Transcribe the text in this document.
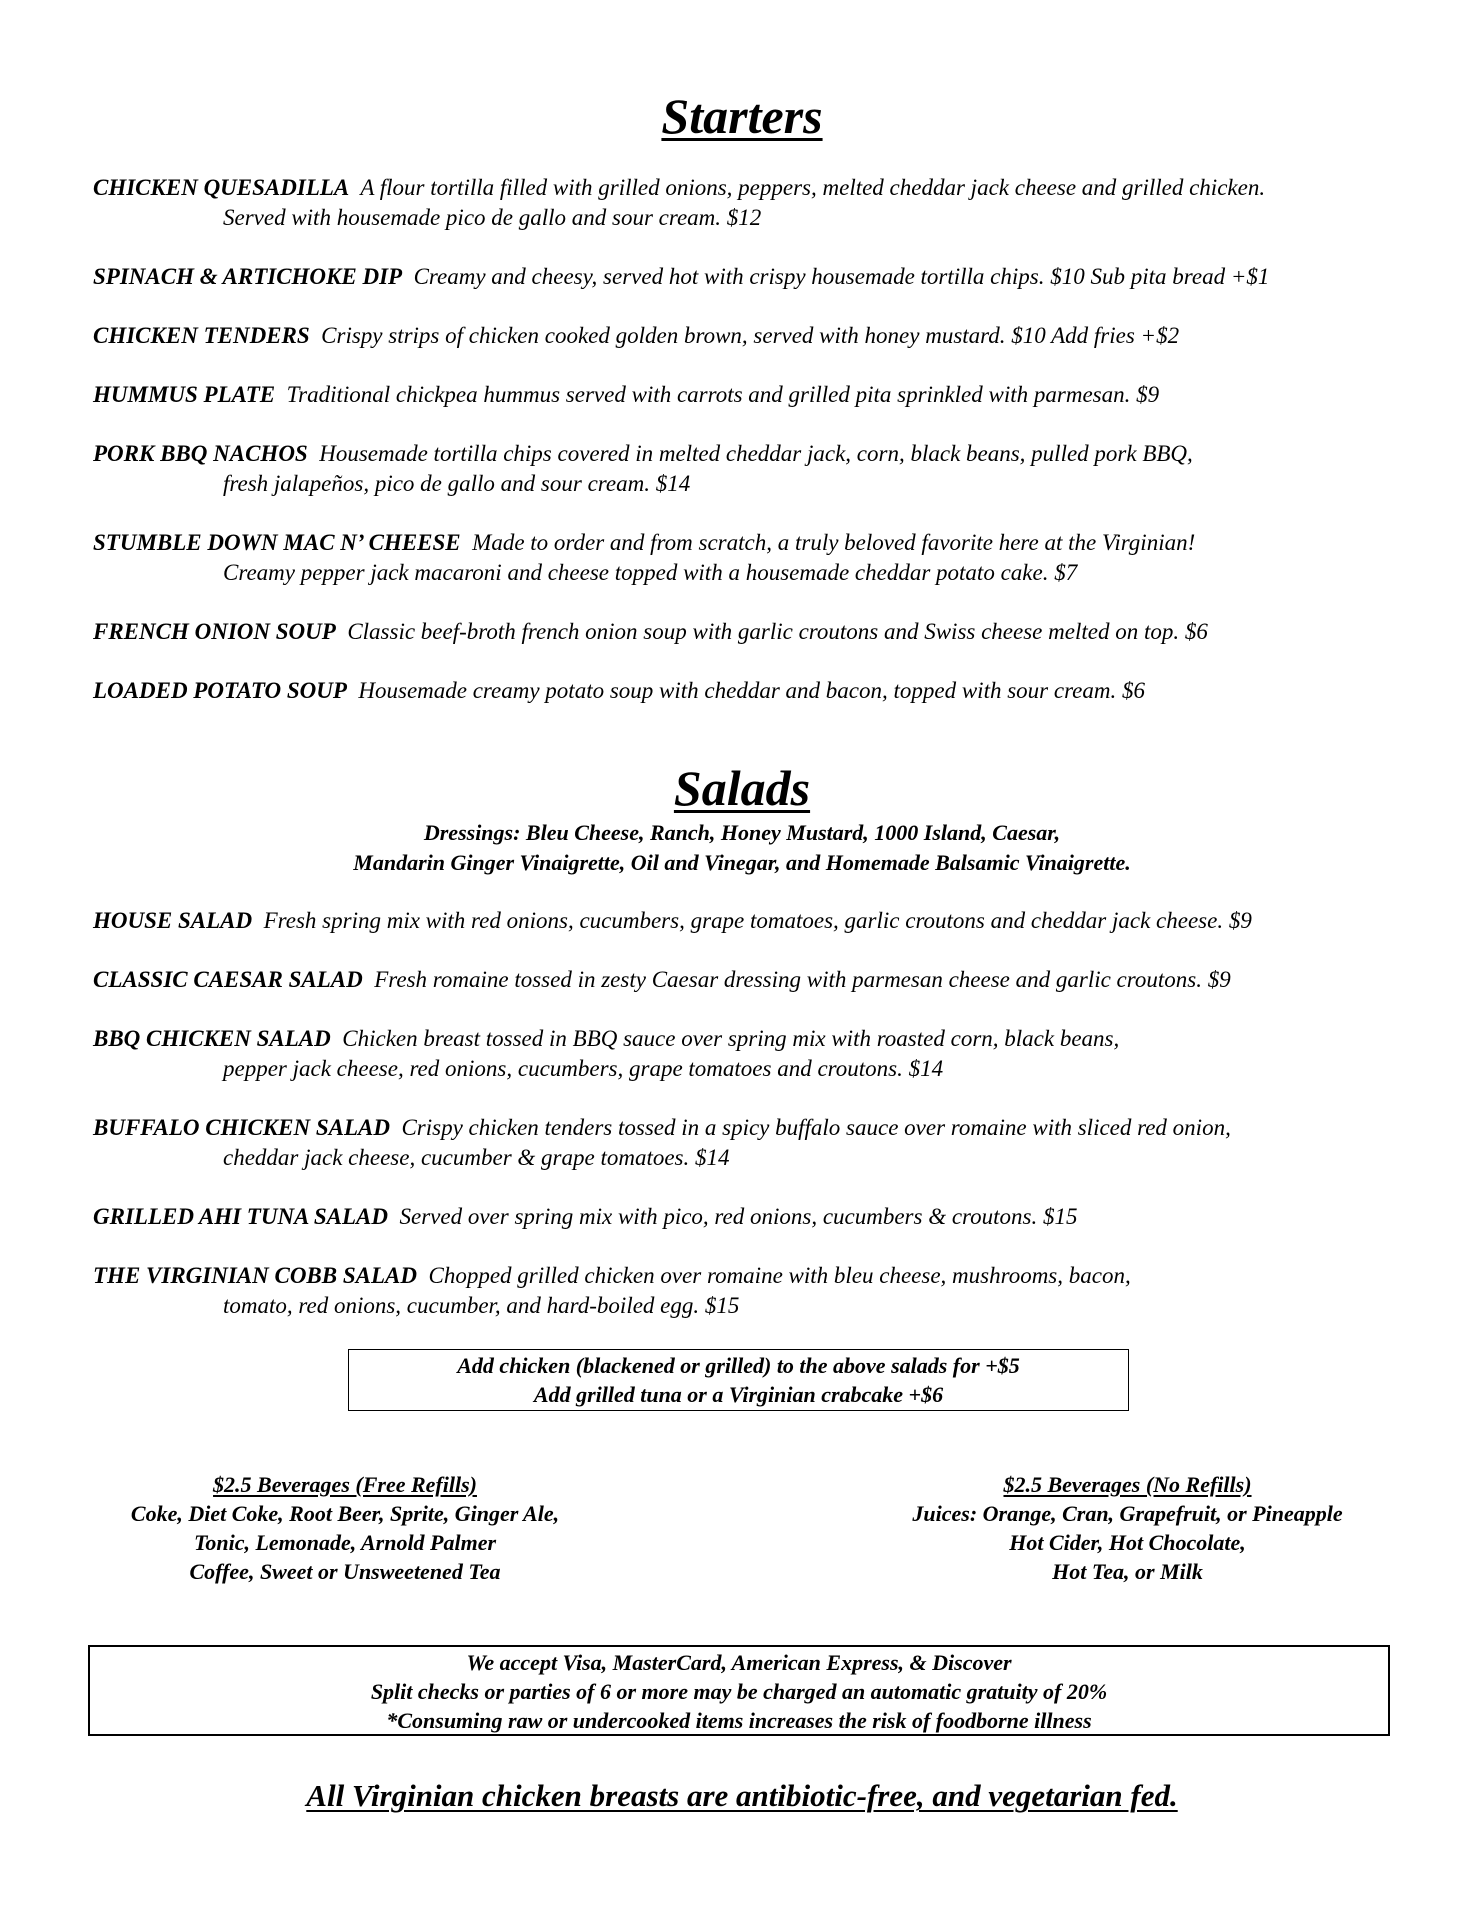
Starters
CHICKEN QUESADILLA A flour tortilla filled with grilled onions, peppers, melted cheddar jack cheese and grilled chicken.
Served with housemade pico de gallo and sour cream. $12
SPINACH & ARTICHOKE DIP Creamy and cheesy, served hot with crispy housemade tortilla chips. $10 Sub pita bread +$1
CHICKEN TENDERS Crispy strips of chicken cooked golden brown, served with honey mustard. $10 Add fries +$2
HUMMUS PLATE Traditional chickpea hummus served with carrots and grilled pita sprinkled with parmesan. $9
PORK BBQ NACHOS Housemade tortilla chips covered in melted cheddar jack, corn, black beans, pulled pork BBQ,
fresh jalapeños, pico de gallo and sour cream. $14
STUMBLE DOWN MAC N’ CHEESE Made to order and from scratch, a truly beloved favorite here at the Virginian!
Creamy pepper jack macaroni and cheese topped with a housemade cheddar potato cake. $7
FRENCH ONION SOUP Classic beef-broth french onion soup with garlic croutons and Swiss cheese melted on top. $6
LOADED POTATO SOUP Housemade creamy potato soup with cheddar and bacon, topped with sour cream. $6
Salads
Dressings: Bleu Cheese, Ranch, Honey Mustard, 1000 Island, Caesar,
Mandarin Ginger Vinaigrette, Oil and Vinegar, and Homemade Balsamic Vinaigrette.
HOUSE SALAD Fresh spring mix with red onions, cucumbers, grape tomatoes, garlic croutons and cheddar jack cheese. $9
CLASSIC CAESAR SALAD Fresh romaine tossed in zesty Caesar dressing with parmesan cheese and garlic croutons. $9
BBQ CHICKEN SALAD Chicken breast tossed in BBQ sauce over spring mix with roasted corn, black beans,
pepper jack cheese, red onions, cucumbers, grape tomatoes and croutons. $14
BUFFALO CHICKEN SALAD Crispy chicken tenders tossed in a spicy buffalo sauce over romaine with sliced red onion,
cheddar jack cheese, cucumber & grape tomatoes. $14
GRILLED AHI TUNA SALAD Served over spring mix with pico, red onions, cucumbers & croutons. $15
THE VIRGINIAN COBB SALAD Chopped grilled chicken over romaine with bleu cheese, mushrooms, bacon,
tomato, red onions, cucumber, and hard-boiled egg. $15
Add chicken (blackened or grilled) to the above salads for +$5
Add grilled tuna or a Virginian crabcake +$6
$2.5 Beverages (Free Refills)
Coke, Diet Coke, Root Beer, Sprite, Ginger Ale,
Tonic, Lemonade, Arnold Palmer
Coffee, Sweet or Unsweetened Tea
$2.5 Beverages (No Refills)
Juices: Orange, Cran, Grapefruit, or Pineapple
Hot Cider, Hot Chocolate,
Hot Tea, or Milk
We accept Visa, MasterCard, American Express, & Discover
Split checks or parties of 6 or more may be charged an automatic gratuity of 20%
*Consuming raw or undercooked items increases the risk of foodborne illness
All Virginian chicken breasts are antibiotic-free, and vegetarian fed.
